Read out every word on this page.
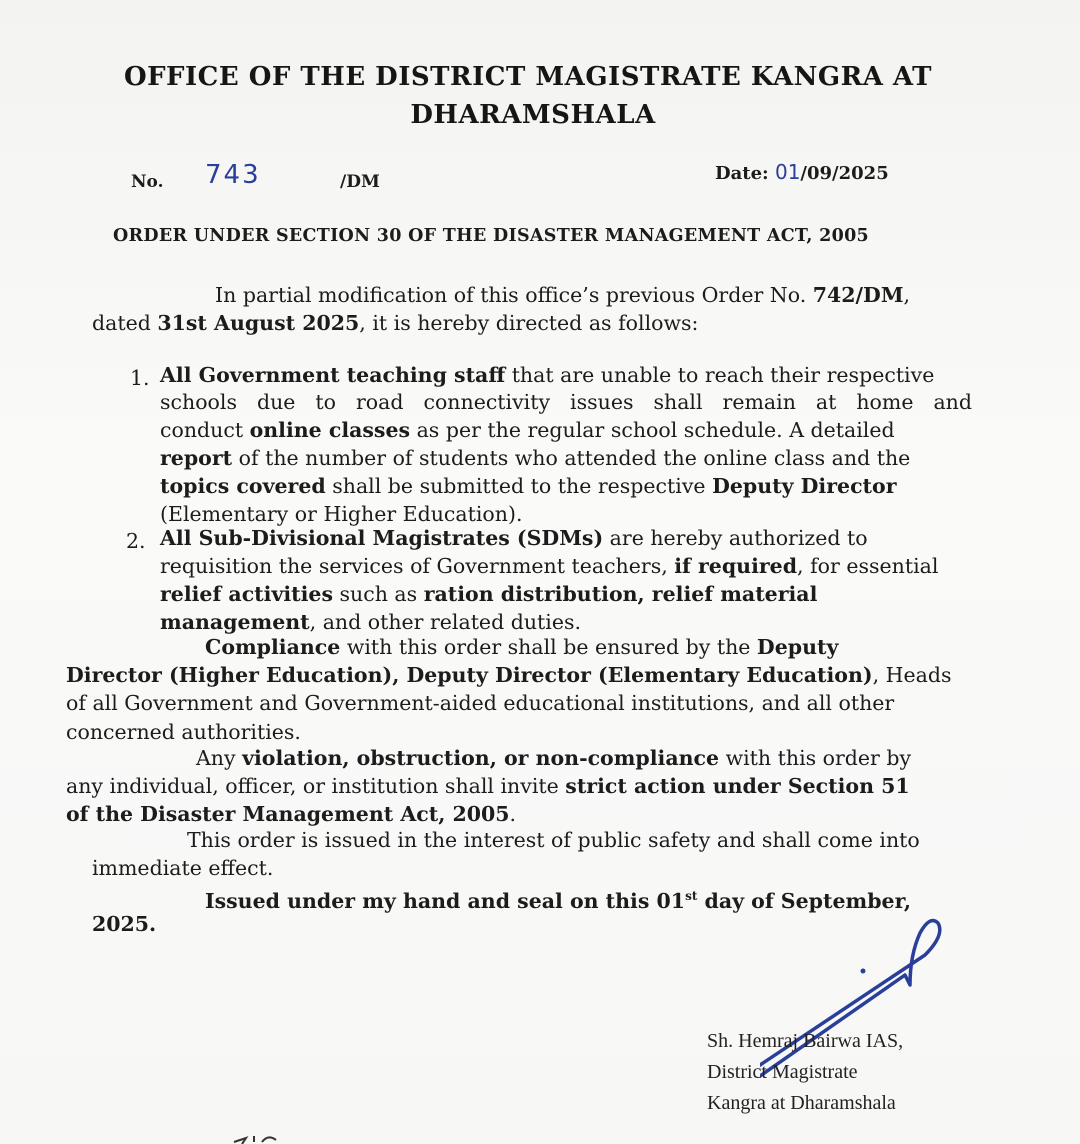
OFFICE OF THE DISTRICT MAGISTRATE KANGRA AT
DHARAMSHALA
No. 743	/DM	Date: 01/09/2025
ORDER UNDER SECTION 30 OF THE DISASTER MANAGEMENT ACT, 2005
In partial modification of this office’s previous Order No. 742/DM,
dated 31st August 2025, it is hereby directed as follows:
1. All Government teaching staff that are unable to reach their respective
schools due to road connectivity issues shall remain at home and
conduct online classes as per the regular school schedule. A detailed
report of the number of students who attended the online class and the
topics covered shall be submitted to the respective Deputy Director
(Elementary or Higher Education).
2. All Sub-Divisional Magistrates (SDMs) are hereby authorized to
requisition the services of Government teachers, if required, for essential
relief activities such as ration distribution, relief material
management, and other related duties.
Compliance with this order shall be ensured by the Deputy
Director (Higher Education), Deputy Director (Elementary Education), Heads
of all Government and Government-aided educational institutions, and all other
concerned authorities.
Any violation, obstruction, or non-compliance with this order by
any individual, officer, or institution shall invite strict action under Section 51
of the Disaster Management Act, 2005.
This order is issued in the interest of public safety and shall come into
immediate effect.
Issued under my hand and seal on this 01st day of September,
2025.
Sh. Hemraj Bairwa IAS,
District Magistrate
Kangra at Dharamshala
